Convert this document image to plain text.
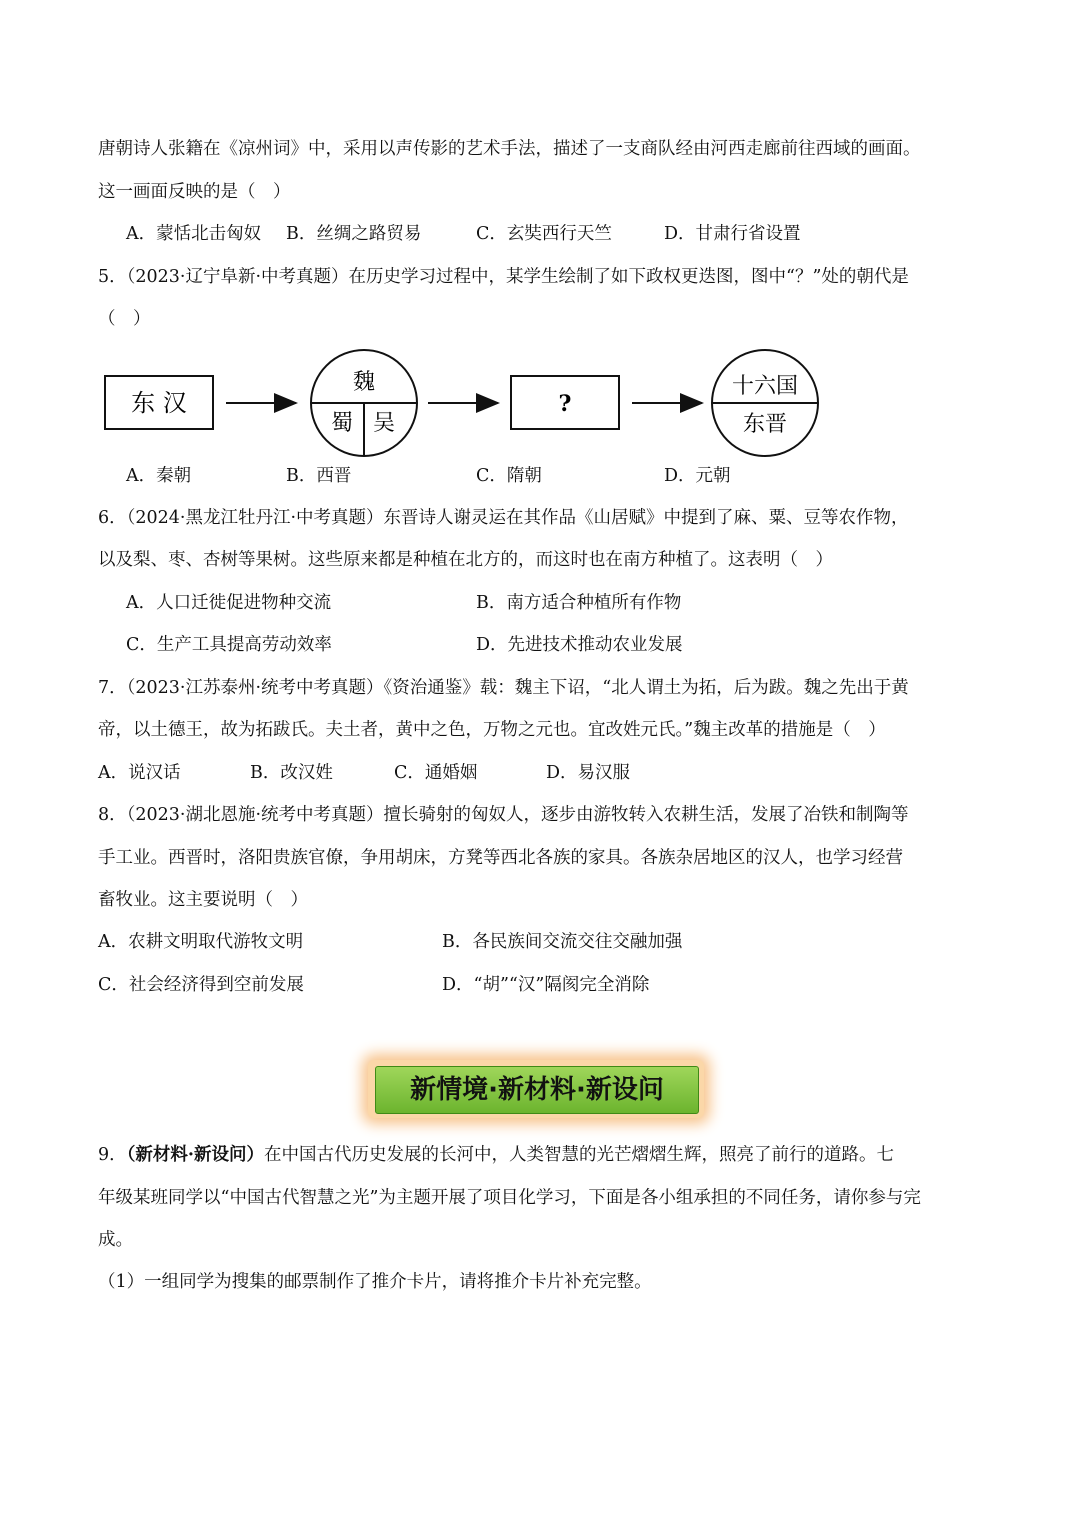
唐朝诗人张籍在《凉州词》中，采用以声传影的艺术手法，描述了一支商队经由河西走廊前往西域的画面。
这一画面反映的是（　）
A．蒙恬北击匈奴 B．丝绸之路贸易	C．玄奘西行天竺	D．甘肃行省设置
5．（2023·辽宁阜新·中考真题）在历史学习过程中，某学生绘制了如下政权更迭图，图中“？”处的朝代是
（　）
东 汉
魏
蜀 吴
?
十六国
东晋
A．秦朝	B．西晋	C．隋朝	D．元朝
6．（2024·黑龙江牡丹江·中考真题）东晋诗人谢灵运在其作品《山居赋》中提到了麻、粟、豆等农作物，
以及梨、枣、杏树等果树。这些原来都是种植在北方的，而这时也在南方种植了。这表明（　）
A．人口迁徙促进物种交流	B．南方适合种植所有作物
C．生产工具提高劳动效率	D．先进技术推动农业发展
7．（2023·江苏泰州·统考中考真题）《资治通鉴》载：魏主下诏，“北人谓土为拓，后为跋。魏之先出于黄
帝，以土德王，故为拓跋氏。夫土者，黄中之色，万物之元也。宜改姓元氏。”魏主改革的措施是（　）
A．说汉话	B．改汉姓	C．通婚姻	D．易汉服
8．（2023·湖北恩施·统考中考真题）擅长骑射的匈奴人，逐步由游牧转入农耕生活，发展了冶铁和制陶等
手工业。西晋时，洛阳贵族官僚，争用胡床，方凳等西北各族的家具。各族杂居地区的汉人，也学习经营
畜牧业。这主要说明（　）
A．农耕文明取代游牧文明	B．各民族间交流交往交融加强
C．社会经济得到空前发展	D．“胡”“汉”隔阂完全消除
新情境·新材料·新设问
9．（新材料·新设问）在中国古代历史发展的长河中，人类智慧的光芒熠熠生辉，照亮了前行的道路。七
年级某班同学以“中国古代智慧之光”为主题开展了项目化学习，下面是各小组承担的不同任务，请你参与完
成。
（1）一组同学为搜集的邮票制作了推介卡片，请将推介卡片补充完整。
